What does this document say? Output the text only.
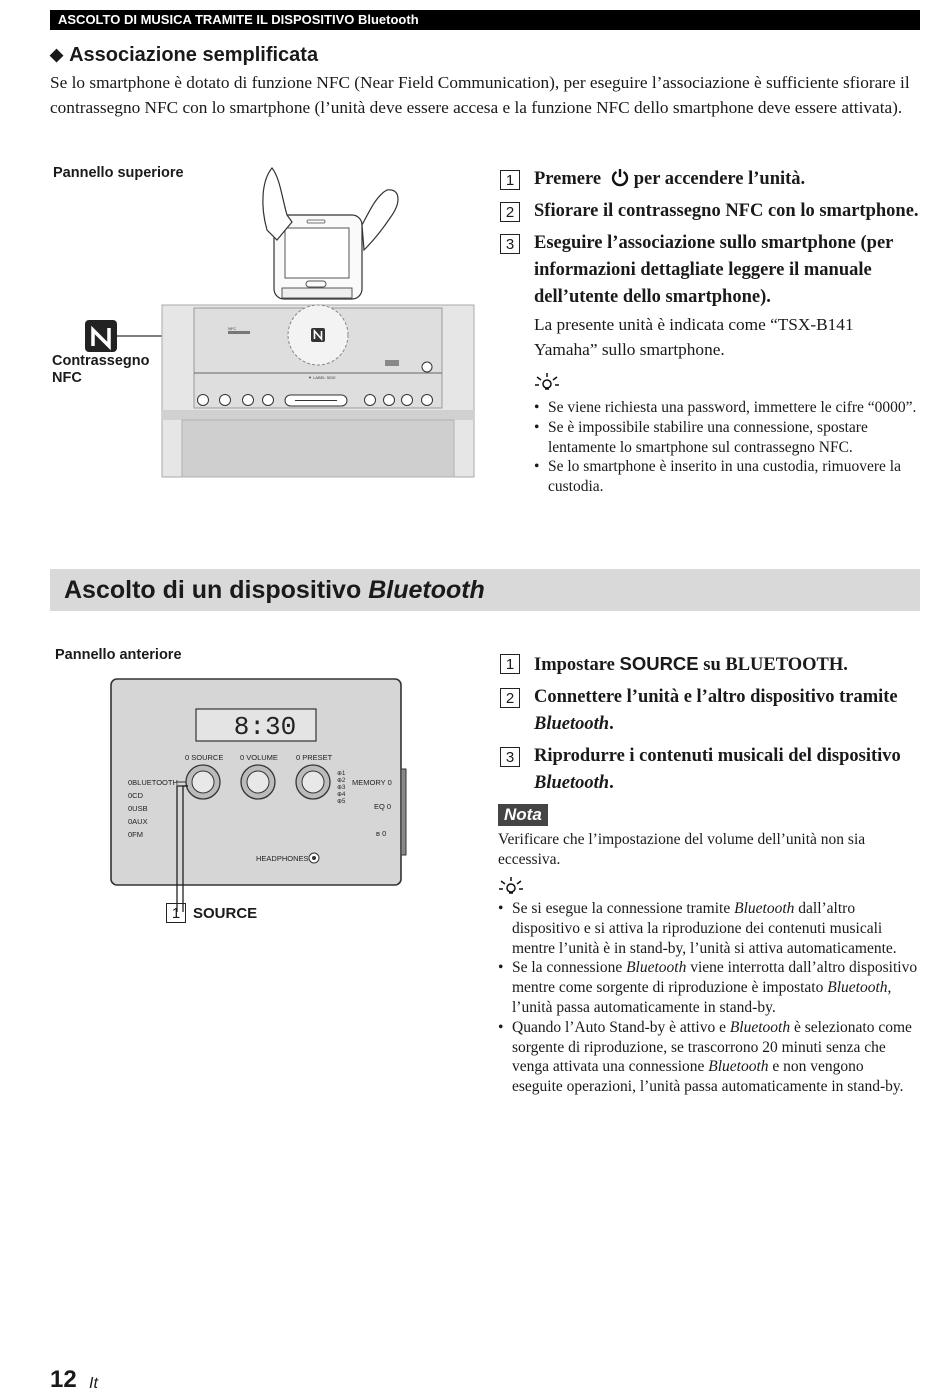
ASCOLTO DI MUSICA TRAMITE IL DISPOSITIVO Bluetooth
◆ Associazione semplificata
Se lo smartphone è dotato di funzione NFC (Near Field Communication), per eseguire l’associazione è sufficiente sfiorare il contrassegno NFC con lo smartphone (l’unità deve essere accesa e la funzione NFC dello smartphone deve essere attivata).
Pannello superiore
Contrassegno
NFC	▼ LABEL SIDE
NFC
1	Premere per accendere l’unità.
2	Sfiorare il contrassegno NFC con lo smartphone.
3	Eseguire l’associazione sullo smartphone (per informazioni dettagliate leggere il manuale dell’utente dello smartphone).
La presente unità è indicata come “TSX-B141 Yamaha” sullo smartphone.
• Se viene richiesta una password, immettere le cifre “0000”.
• Se è impossibile stabilire una connessione, spostare lentamente lo smartphone sul contrassegno NFC.
• Se lo smartphone è inserito in una custodia, rimuovere la custodia.
Ascolto di un dispositivo Bluetooth
Pannello anteriore
8:30
0 SOURCE 0 VOLUME 0 PRESET
0BLUETOOTH
0CD
0USB
0AUX
0FM
⊕1
⊕2
⊕3
⊕4
⊕5
MEMORY 0
EQ 0
ʙ 0
HEADPHONES
1 SOURCE
1	Impostare SOURCE su BLUETOOTH.
2	Connettere l’unità e l’altro dispositivo tramite Bluetooth.
3	Riprodurre i contenuti musicali del dispositivo Bluetooth.
Nota
Verificare che l’impostazione del volume dell’unità non sia eccessiva.
• Se si esegue la connessione tramite Bluetooth dall’altro dispositivo e si attiva la riproduzione dei contenuti musicali mentre l’unità è in stand-by, l’unità si attiva automaticamente.
• Se la connessione Bluetooth viene interrotta dall’altro dispositivo mentre come sorgente di riproduzione è impostato Bluetooth, l’unità passa automaticamente in stand-by.
• Quando l’Auto Stand-by è attivo e Bluetooth è selezionato come sorgente di riproduzione, se trascorrono 20 minuti senza che venga attivata una connessione Bluetooth e non vengono eseguite operazioni, l’unità passa automaticamente in stand-by.
12 It
